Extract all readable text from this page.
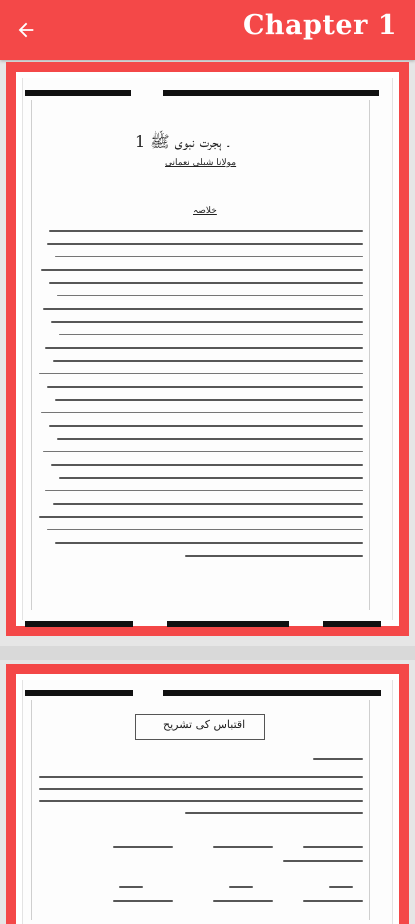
Chapter 1
1 ۔ ہجرت نبوی ﷺ
مولانا شبلی نعمانی
خلاصہ
اقتباس کی تشریح
